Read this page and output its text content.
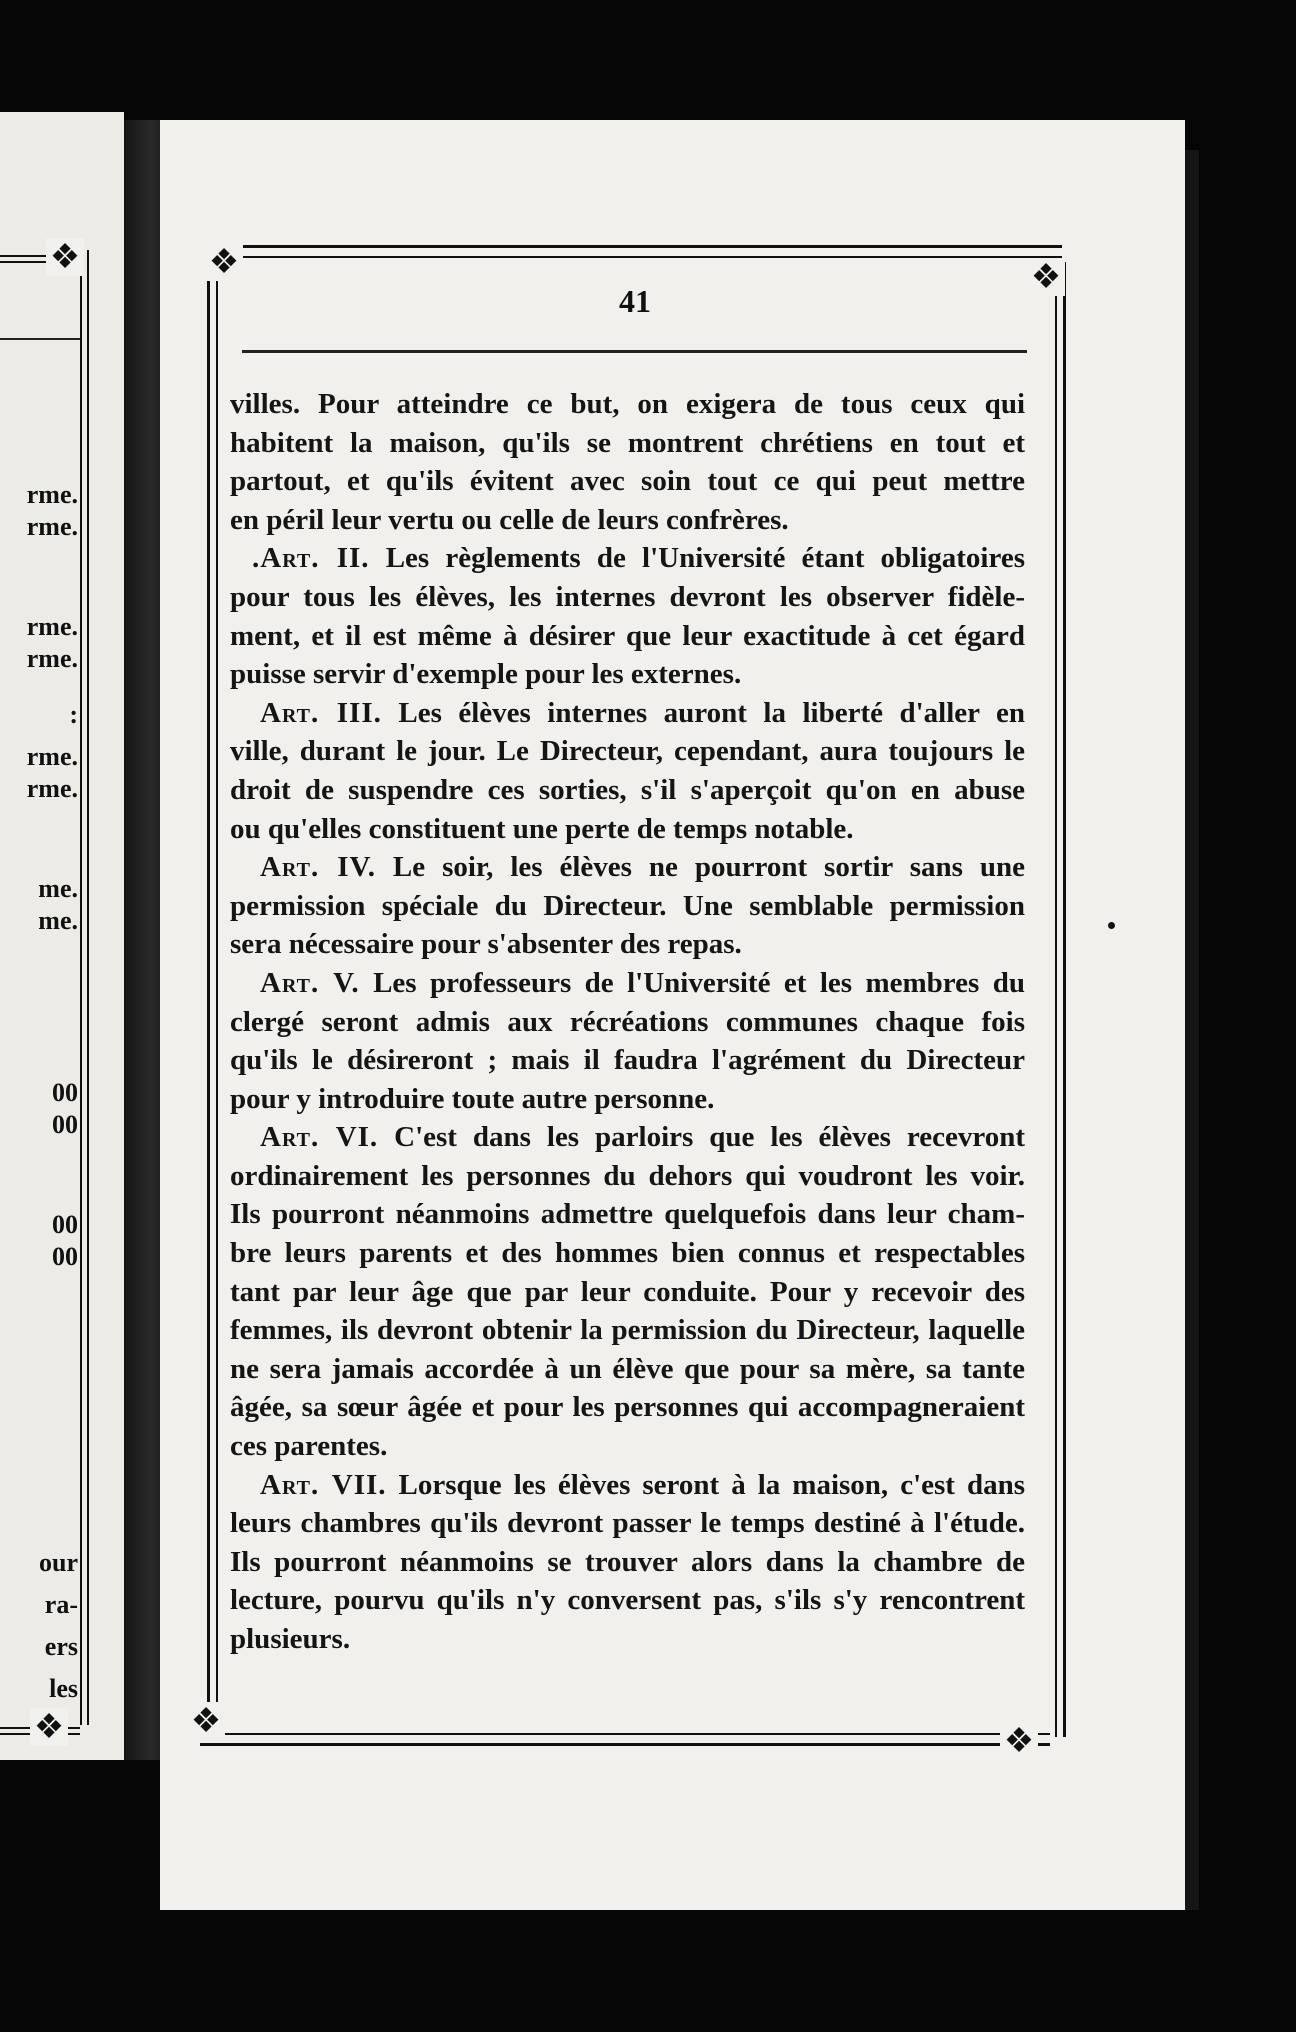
❖
❖
rme.
rme.
rme.
rme.
:
rme.
rme.
me.
me.
00
00
00
00
our
ra-
ers
les
❖	❖
❖	❖
41
villes. Pour atteindre ce but, on exigera de tous ceux qui
habitent la maison, qu'ils se montrent chrétiens en tout et
partout, et qu'ils évitent avec soin tout ce qui peut mettre
en péril leur vertu ou celle de leurs confrères.
.Art. II. Les règlements de l'Université étant obligatoires
pour tous les élèves, les internes devront les observer fidèle-
ment, et il est même à désirer que leur exactitude à cet égard
puisse servir d'exemple pour les externes.
Art. III. Les élèves internes auront la liberté d'aller en
ville, durant le jour. Le Directeur, cependant, aura toujours le
droit de suspendre ces sorties, s'il s'aperçoit qu'on en abuse
ou qu'elles constituent une perte de temps notable.
Art. IV. Le soir, les élèves ne pourront sortir sans une
permission spéciale du Directeur. Une semblable permission
sera nécessaire pour s'absenter des repas.
Art. V. Les professeurs de l'Université et les membres du
clergé seront admis aux récréations communes chaque fois
qu'ils le désireront ; mais il faudra l'agrément du Directeur
pour y introduire toute autre personne.
Art. VI. C'est dans les parloirs que les élèves recevront
ordinairement les personnes du dehors qui voudront les voir.
Ils pourront néanmoins admettre quelquefois dans leur cham-
bre leurs parents et des hommes bien connus et respectables
tant par leur âge que par leur conduite. Pour y recevoir des
femmes, ils devront obtenir la permission du Directeur, laquelle
ne sera jamais accordée à un élève que pour sa mère, sa tante
âgée, sa sœur âgée et pour les personnes qui accompagneraient
ces parentes.
Art. VII. Lorsque les élèves seront à la maison, c'est dans
leurs chambres qu'ils devront passer le temps destiné à l'étude.
Ils pourront néanmoins se trouver alors dans la chambre de
lecture, pourvu qu'ils n'y conversent pas, s'ils s'y rencontrent
plusieurs.
